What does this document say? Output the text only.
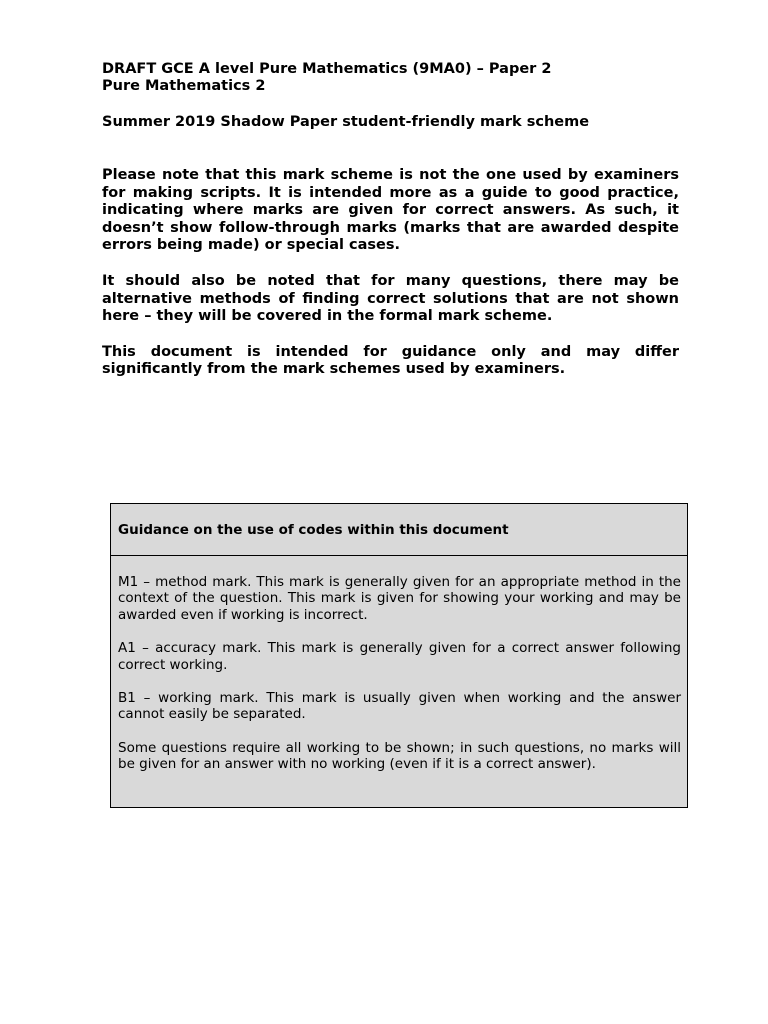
DRAFT GCE A level Pure Mathematics (9MA0) – Paper 2
Pure Mathematics 2
Summer 2019 Shadow Paper student-friendly mark scheme

Please note that this mark scheme is not the one used by examiners for making scripts. It is intended more as a guide to good practice, indicating where marks are given for correct answers. As such, it doesn’t show follow-through marks (marks that are awarded despite errors being made) or special cases.

It should also be noted that for many questions, there may be alternative methods of finding correct solutions that are not shown here – they will be covered in the formal mark scheme.

This document is intended for guidance only and may differ significantly from the mark schemes used by examiners.

Guidance on the use of codes within this document

M1 – method mark. This mark is generally given for an appropriate method in the context of the question. This mark is given for showing your working and may be awarded even if working is incorrect.

A1 – accuracy mark. This mark is generally given for a correct answer following correct working.

B1 – working mark. This mark is usually given when working and the answer cannot easily be separated.

Some questions require all working to be shown; in such questions, no marks will be given for an answer with no working (even if it is a correct answer).
